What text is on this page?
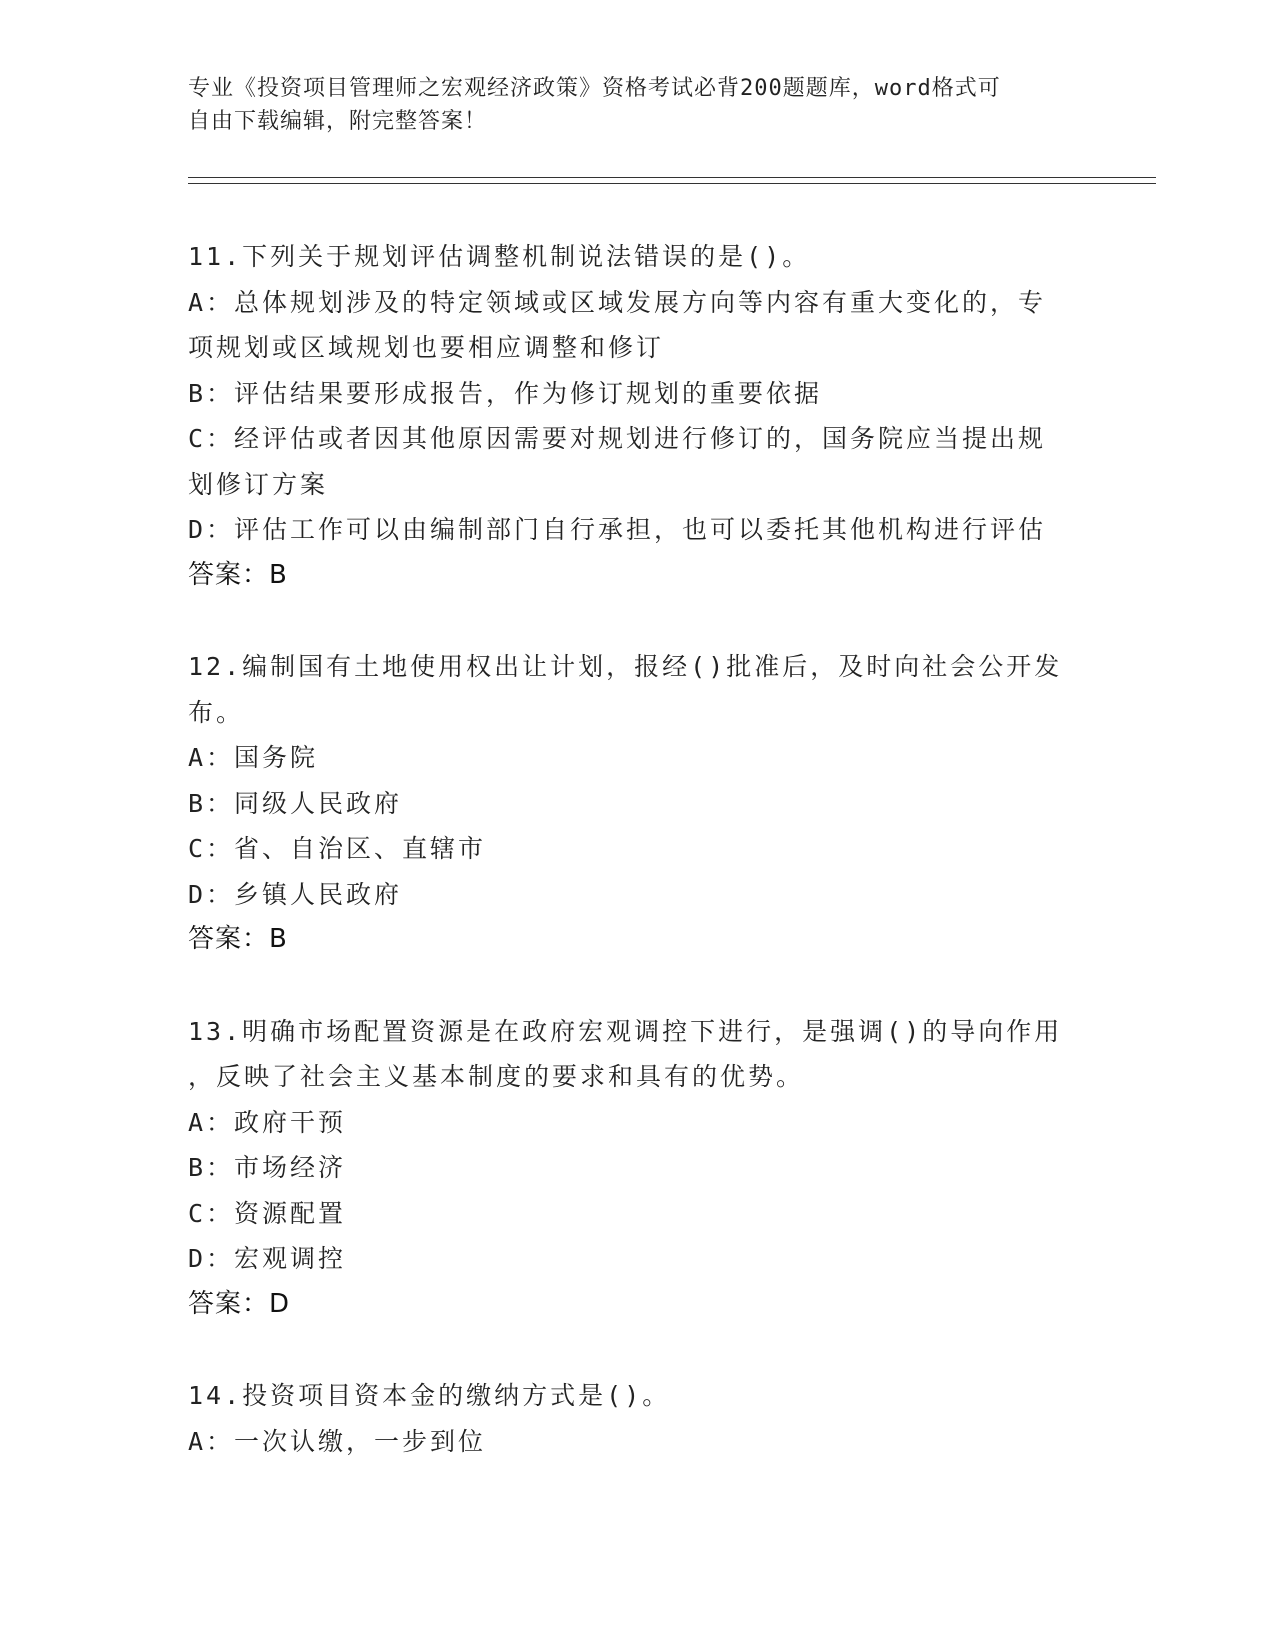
专业《投资项目管理师之宏观经济政策》资格考试必背200题题库，word格式可
自由下载编辑，附完整答案！

11.下列关于规划评估调整机制说法错误的是()。

A：总体规划涉及的特定领域或区域发展方向等内容有重大变化的，专

项规划或区域规划也要相应调整和修订

B：评估结果要形成报告，作为修订规划的重要依据

C：经评估或者因其他原因需要对规划进行修订的，国务院应当提出规

划修订方案

D：评估工作可以由编制部门自行承担，也可以委托其他机构进行评估

答案：B

12.编制国有土地使用权出让计划，报经()批准后，及时向社会公开发

布。

A：国务院

B：同级人民政府

C：省、自治区、直辖市

D：乡镇人民政府

答案：B

13.明确市场配置资源是在政府宏观调控下进行，是强调()的导向作用

，反映了社会主义基本制度的要求和具有的优势。

A：政府干预

B：市场经济

C：资源配置

D：宏观调控

答案：D

14.投资项目资本金的缴纳方式是()。

A：一次认缴，一步到位
